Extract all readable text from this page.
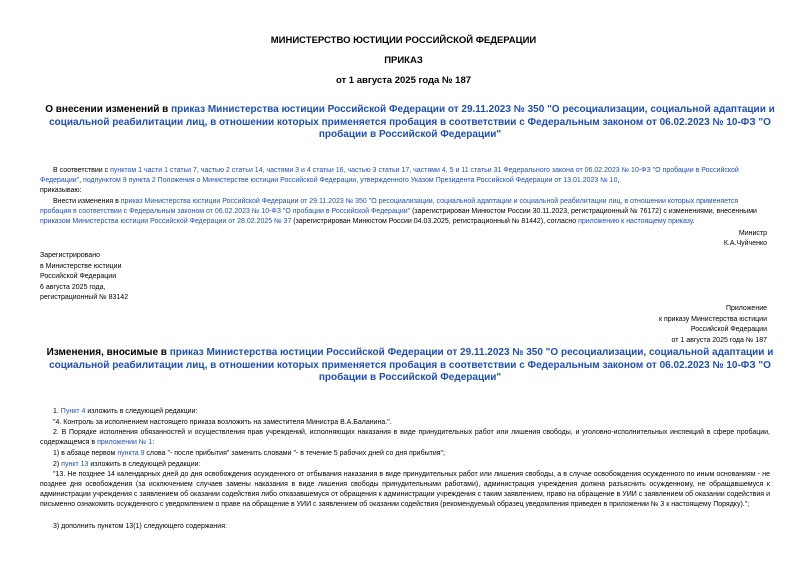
МИНИСТЕРСТВО ЮСТИЦИИ РОССИЙСКОЙ ФЕДЕРАЦИИ
ПРИКАЗ
от 1 августа 2025 года № 187
О внесении изменений в приказ Министерства юстиции Российской Федерации от 29.11.2023 № 350 "О ресоциализации, социальной адаптации и социальной реабилитации лиц, в отношении которых применяется пробация в соответствии с Федеральным законом от 06.02.2023 № 10-ФЗ "О пробации в Российской Федерации"
В соответствии с пунктом 1 части 1 статьи 7, частью 2 статьи 14, частями 3 и 4 статьи 16, частью 3 статьи 17, частями 4, 5 и 11 статьи 31 Федерального закона от 06.02.2023 № 10-ФЗ "О пробации в Российской Федерации", подпунктом 9 пункта 2 Положения о Министерстве юстиции Российской Федерации, утвержденного Указом Президента Российской Федерации от 13.01.2023 № 10,
приказываю:
Внести изменения в приказ Министерства юстиции Российской Федерации от 29.11.2023 № 350 "О ресоциализации, социальной адаптации и социальной реабилитации лиц, в отношении которых применяется пробация в соответствии с Федеральным законом от 06.02.2023 № 10-ФЗ "О пробации в Российской Федерации" (зарегистрирован Минюстом России 30.11.2023, регистрационный № 76172) с изменениями, внесенными приказом Министерства юстиции Российской Федерации от 28.02.2025 № 37 (зарегистрирован Минюстом России 04.03.2025, регистрационный № 81442), согласно приложению к настоящему приказу.
Министр
К.А.Чуйченко
Зарегистрировано
в Министерстве юстиции
Российской Федерации
6 августа 2025 года,
регистрационный № 83142
Приложение
к приказу Министерства юстиции
Российской Федерации
от 1 августа 2025 года № 187
Изменения, вносимые в приказ Министерства юстиции Российской Федерации от 29.11.2023 № 350 "О ресоциализации, социальной адаптации и социальной реабилитации лиц, в отношении которых применяется пробация в соответствии с Федеральным законом от 06.02.2023 № 10-ФЗ "О пробации в Российской Федерации"
1. Пункт 4 изложить в следующей редакции:
"4. Контроль за исполнением настоящего приказа возложить на заместителя Министра В.А.Баланина.".
2. В Порядке исполнения обязанностей и осуществления прав учреждений, исполняющих наказания в виде принудительных работ или лишения свободы, и уголовно-исполнительных инспекций в сфере пробации, содержащемся в приложении № 1:
1) в абзаце первом пункта 9 слова "- после прибытия" заменить словами "- в течение 5 рабочих дней со дня прибытия";
2) пункт 13 изложить в следующей редакции:
"13. Не позднее 14 календарных дней до дня освобождения осужденного от отбывания наказания в виде принудительных работ или лишения свободы, а в случае освобождения осужденного по иным основаниям - не позднее дня освобождения (за исключением случаев замены наказания в виде лишения свободы принудительными работами), администрация учреждения должна разъяснить осужденному, не обращавшемуся к администрации учреждения с заявлением об оказании содействия либо отказавшемуся от обращения к администрации учреждения с таким заявлением, право на обращение в УИИ с заявлением об оказании содействия и письменно ознакомить осужденного с уведомлением о праве на обращение в УИИ с заявлением об оказании содействия (рекомендуемый образец уведомления приведен в приложении № 3 к настоящему Порядку).";
3) дополнить пунктом 13(1) следующего содержания:
